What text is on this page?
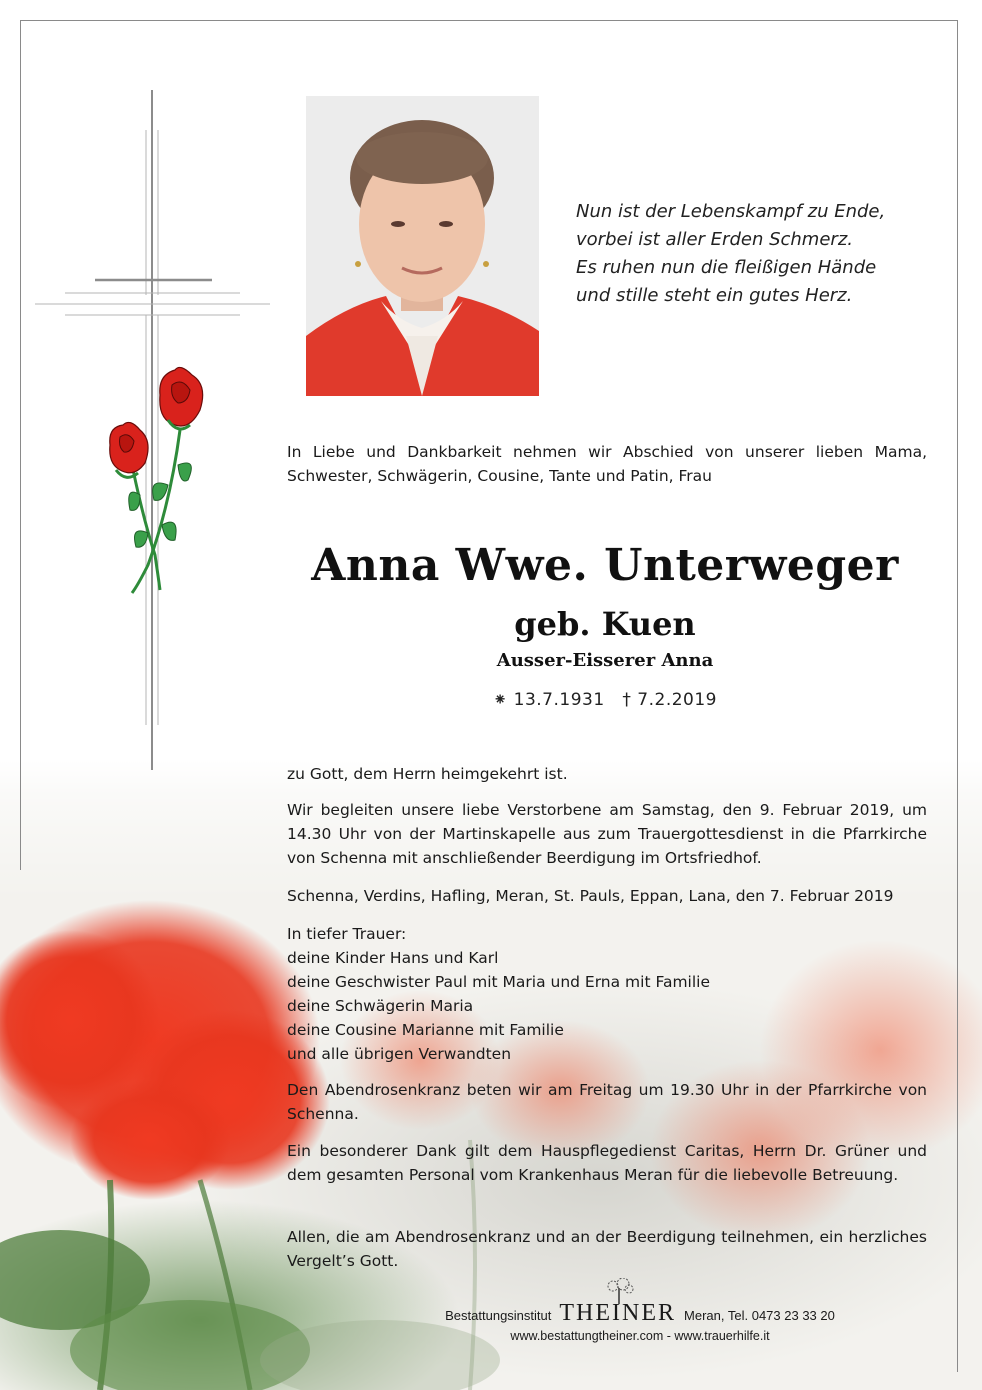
Nun ist der Lebenskampf zu Ende,
vorbei ist aller Erden Schmerz.
Es ruhen nun die fleißigen Hände
und stille steht ein gutes Herz.
In Liebe und Dankbarkeit nehmen wir Abschied von unserer lieben Mama, Schwester, Schwägerin, Cousine, Tante und Patin, Frau
Anna Wwe. Unterweger
geb. Kuen
Ausser-Eisserer Anna
⁕ 13.7.1931 † 7.2.2019
zu Gott, dem Herrn heimgekehrt ist.
Wir begleiten unsere liebe Verstorbene am Samstag, den 9. Februar 2019, um 14.30 Uhr von der Martinskapelle aus zum Trauergottesdienst in die Pfarrkirche von Schenna mit anschließender Beerdigung im Ortsfriedhof.
Schenna, Verdins, Hafling, Meran, St. Pauls, Eppan, Lana, den 7. Februar 2019
In tiefer Trauer:
deine Kinder Hans und Karl
deine Geschwister Paul mit Maria und Erna mit Familie
deine Schwägerin Maria
deine Cousine Marianne mit Familie
und alle übrigen Verwandten
Den Abendrosenkranz beten wir am Freitag um 19.30 Uhr in der Pfarrkirche von Schenna.
Ein besonderer Dank gilt dem Hauspflegedienst Caritas, Herrn Dr. Grüner und dem gesamten Personal vom Krankenhaus Meran für die liebevolle Betreuung.
Allen, die am Abendrosenkranz und an der Beerdigung teilnehmen, ein herzliches Vergelt’s Gott.
Bestattungsinstitut THEINER Meran, Tel. 0473 23 33 20
www.bestattungtheiner.com - www.trauerhilfe.it
